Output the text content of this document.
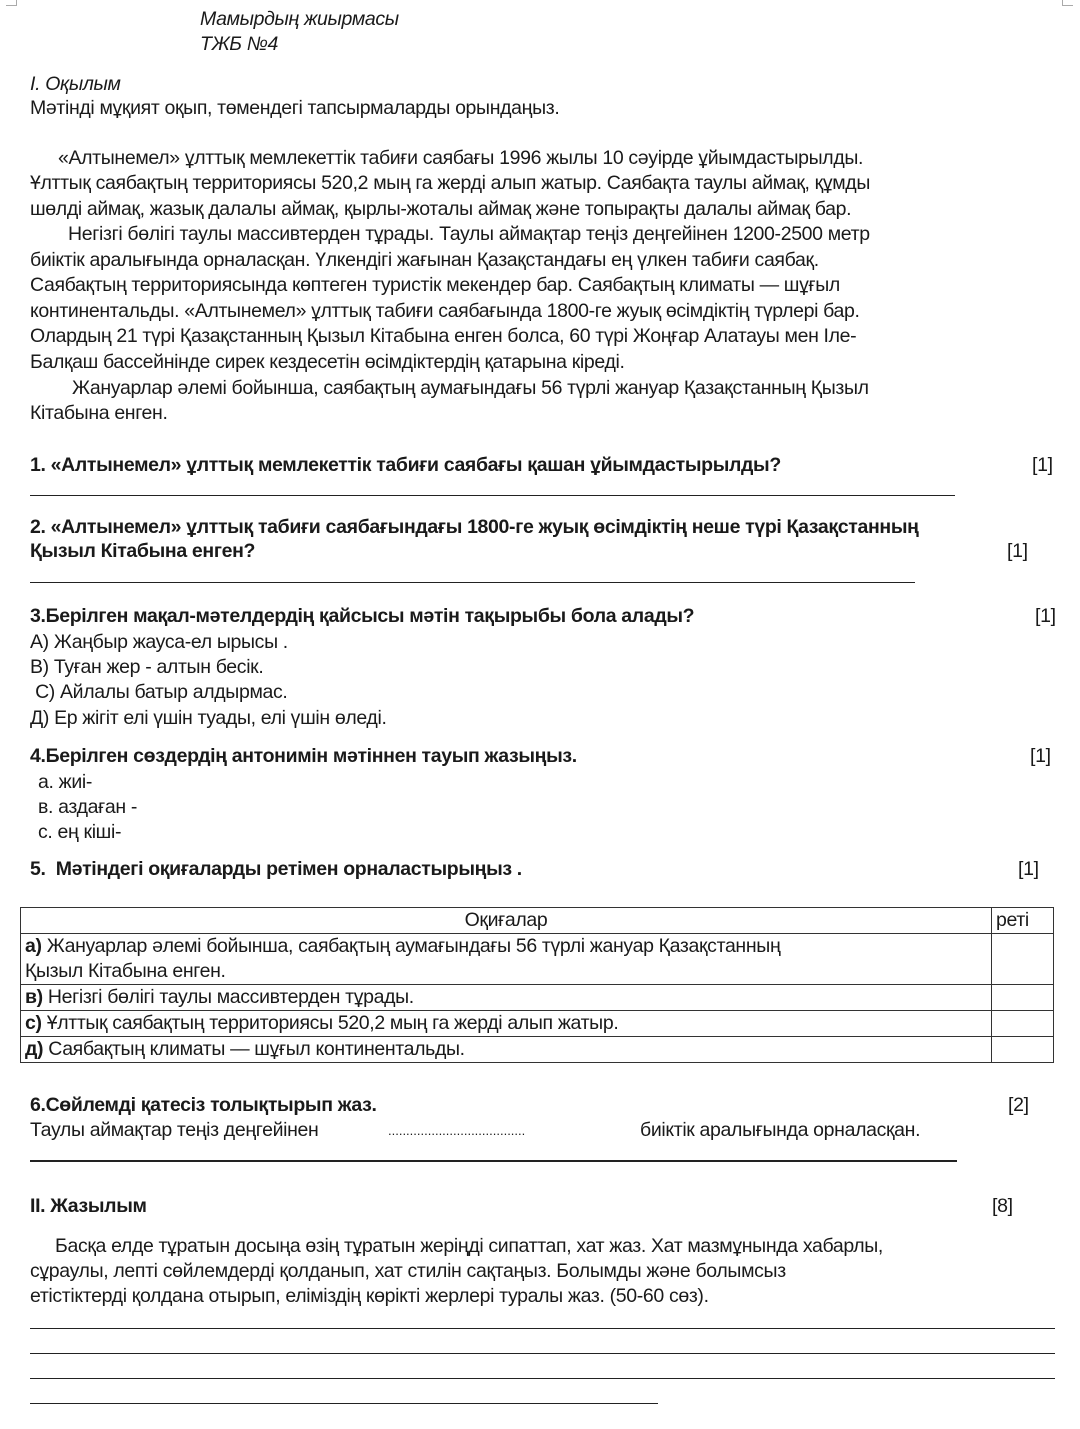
Мамырдың жиырмасы
ТЖБ №4
I. Оқылым
Мәтінді мұқият оқып, төмендегі тапсырмаларды орындаңыз.
«Алтынемел» ұлттық мемлекеттік табиғи саябағы 1996 жылы 10 сәуірде ұйымдастырылды.
Ұлттық саябақтың территориясы 520,2 мың га жерді алып жатыр. Саябақта таулы аймақ, құмды
шөлді аймақ, жазық далалы аймақ, қырлы-жоталы аймақ және топырақты далалы аймақ бар.
Негізгі бөлігі таулы массивтерден тұрады. Таулы аймақтар теңіз деңгейінен 1200-2500 метр
биіктік аралығында орналасқан. Үлкендігі жағынан Қазақстандағы ең үлкен табиғи саябақ.
Саябақтың территориясында көптеген туристік мекендер бар. Саябақтың климаты — шұғыл
континентальды. «Алтынемел» ұлттық табиғи саябағында 1800-ге жуық өсімдіктің түрлері бар.
Олардың 21 түрі Қазақстанның Қызыл Кітабына енген болса, 60 түрі Жоңғар Алатауы мен Іле-
Балқаш бассейнінде сирек кездесетін өсімдіктердің қатарына кіреді.
Жануарлар әлемі бойынша, саябақтың аумағындағы 56 түрлі жануар Қазақстанның Қызыл
Кітабына енген.
1. «Алтынемел» ұлттық мемлекеттік табиғи саябағы қашан ұйымдастырылды?	[1]
2. «Алтынемел» ұлттық табиғи саябағындағы 1800-ге жуық өсімдіктің неше түрі Қазақстанның
Қызыл Кітабына енген?	[1]
3.Берілген мақал-мәтелдердің қайсысы мәтін тақырыбы бола алады?	[1]
А) Жаңбыр жауса-ел ырысы .
В) Туған жер - алтын бесік.
С) Айлалы батыр алдырмас.
Д) Ер жігіт елі үшін туады, елі үшін өледі.
4.Берілген сөздердің антонимін мәтіннен тауып жазыңыз.	[1]
а. жиі-
в. аздаған -
с. ең кіші-
5.  Мәтіндегі оқиғаларды ретімен орналастырыңыз .	[1]
Оқиғалар	реті
а) Жануарлар әлемі бойынша, саябақтың аумағындағы 56 түрлі жануар Қазақстанның
Қызыл Кітабына енген.	
в) Негізгі бөлігі таулы массивтерден тұрады.	
с) Ұлттық саябақтың территориясы 520,2 мың га жерді алып жатыр.	
д) Саябақтың климаты — шұғыл континентальды.	
6.Сөйлемді қатесіз толықтырып жаз.	[2]
Таулы аймақтар теңіз деңгейінен	......................................	биіктік аралығында орналасқан.
II. Жазылым	[8]
Басқа елде тұратын досыңа өзің тұратын жеріңді сипаттап, хат жаз. Хат мазмұнында хабарлы,
сұраулы, лепті сөйлемдерді қолданып, хат стилін сақтаңыз. Болымды және болымсыз
етістіктерді қолдана отырып, еліміздің көрікті жерлері туралы жаз. (50-60 сөз).
